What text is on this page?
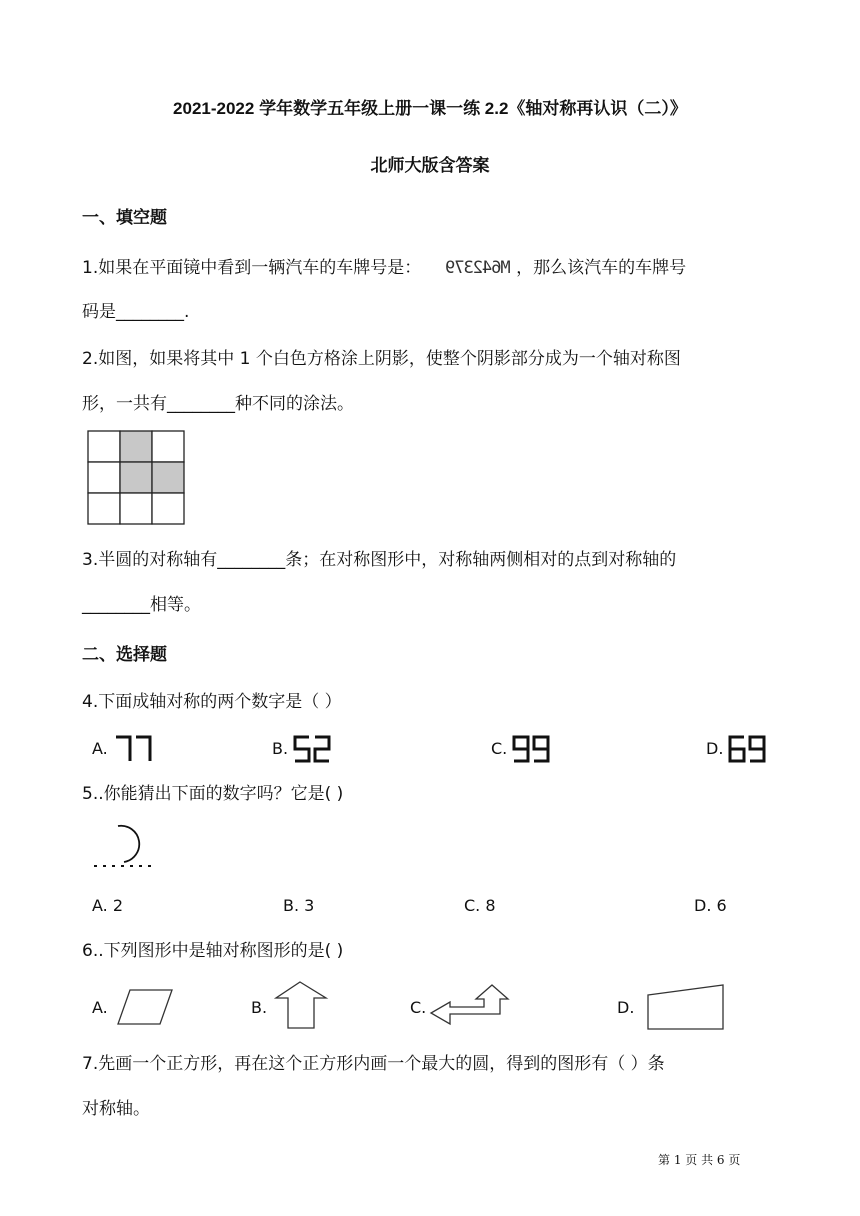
2021-2022 学年数学五年级上册一课一练 2.2《轴对称再认识（二）》
北师大版含答案
一、填空题
1.如果在平面镜中看到一辆汽车的车牌号是： M642379 ，那么该汽车的车牌号
码是________.
2.如图，如果将其中 1 个白色方格涂上阴影，使整个阴影部分成为一个轴对称图
形，一共有________种不同的涂法。
3.半圆的对称轴有________条；在对称图形中，对称轴两侧相对的点到对称轴的
________相等。
二、选择题
4.下面成轴对称的两个数字是（ ）
A.	B.	C.	D.
5..你能猜出下面的数字吗？它是( )
A. 2	B. 3	C. 8	D. 6
6..下列图形中是轴对称图形的是( )
A.	B.	C.	D.
7.先画一个正方形，再在这个正方形内画一个最大的圆，得到的图形有（ ）条
对称轴。
第 1 页 共 6 页
